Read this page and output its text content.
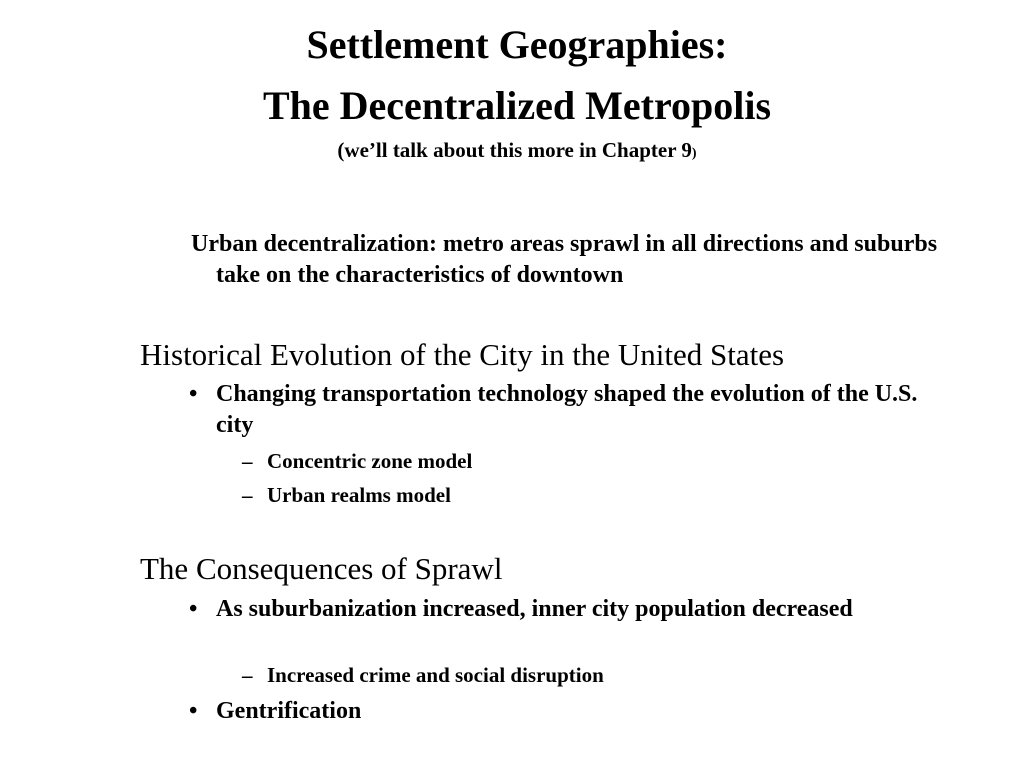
Settlement Geographies:
The Decentralized Metropolis
(we’ll talk about this more in Chapter 9)
Urban decentralization: metro areas sprawl in all directions and suburbs take on the characteristics of downtown
Historical Evolution of the City in the United States
• Changing transportation technology shaped the evolution of the U.S. city
– Concentric zone model
– Urban realms model
The Consequences of Sprawl
• As suburbanization increased, inner city population decreased
– Increased crime and social disruption
• Gentrification
